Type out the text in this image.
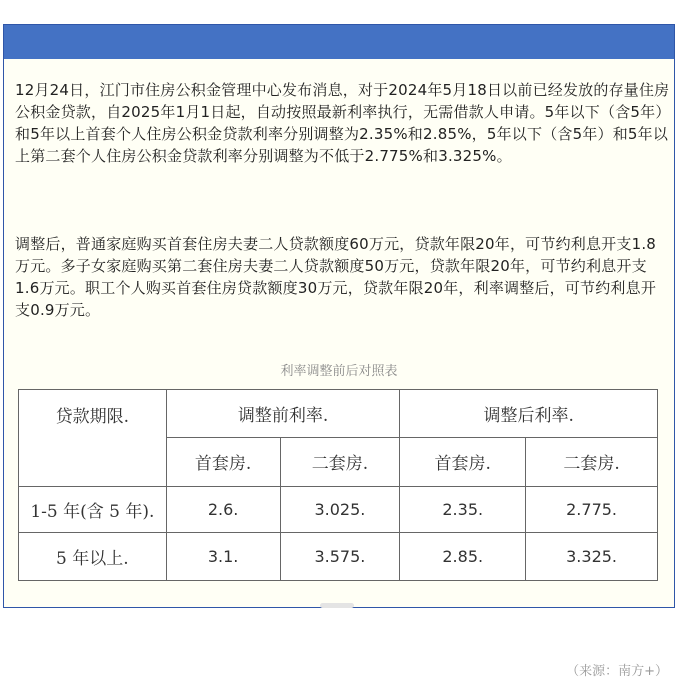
12月24日，江门市住房公积金管理中心发布消息，对于2024年5月18日以前已经发放的存量住房公积金贷款，自2025年1月1日起，自动按照最新利率执行，无需借款人申请。5年以下（含5年）和5年以上首套个人住房公积金贷款利率分别调整为2.35%和2.85%，5年以下（含5年）和5年以上第二套个人住房公积金贷款利率分别调整为不低于2.775%和3.325%。

调整后，普通家庭购买首套住房夫妻二人贷款额度60万元，贷款年限20年，可节约利息开支1.8万元。多子女家庭购买第二套住房夫妻二人贷款额度50万元，贷款年限20年，可节约利息开支1.6万元。职工个人购买首套住房贷款额度30万元，贷款年限20年，利率调整后，可节约利息开支0.9万元。

利率调整前后对照表
贷款期限.	调整前利率.		调整后利率.	
	首套房.	二套房.	首套房.	二套房.
1-5 年(含 5 年).	2.6.	3.025.	2.35.	2.775.
5 年以上.	3.1.	3.575.	2.85.	3.325.
（来源：南方+）
